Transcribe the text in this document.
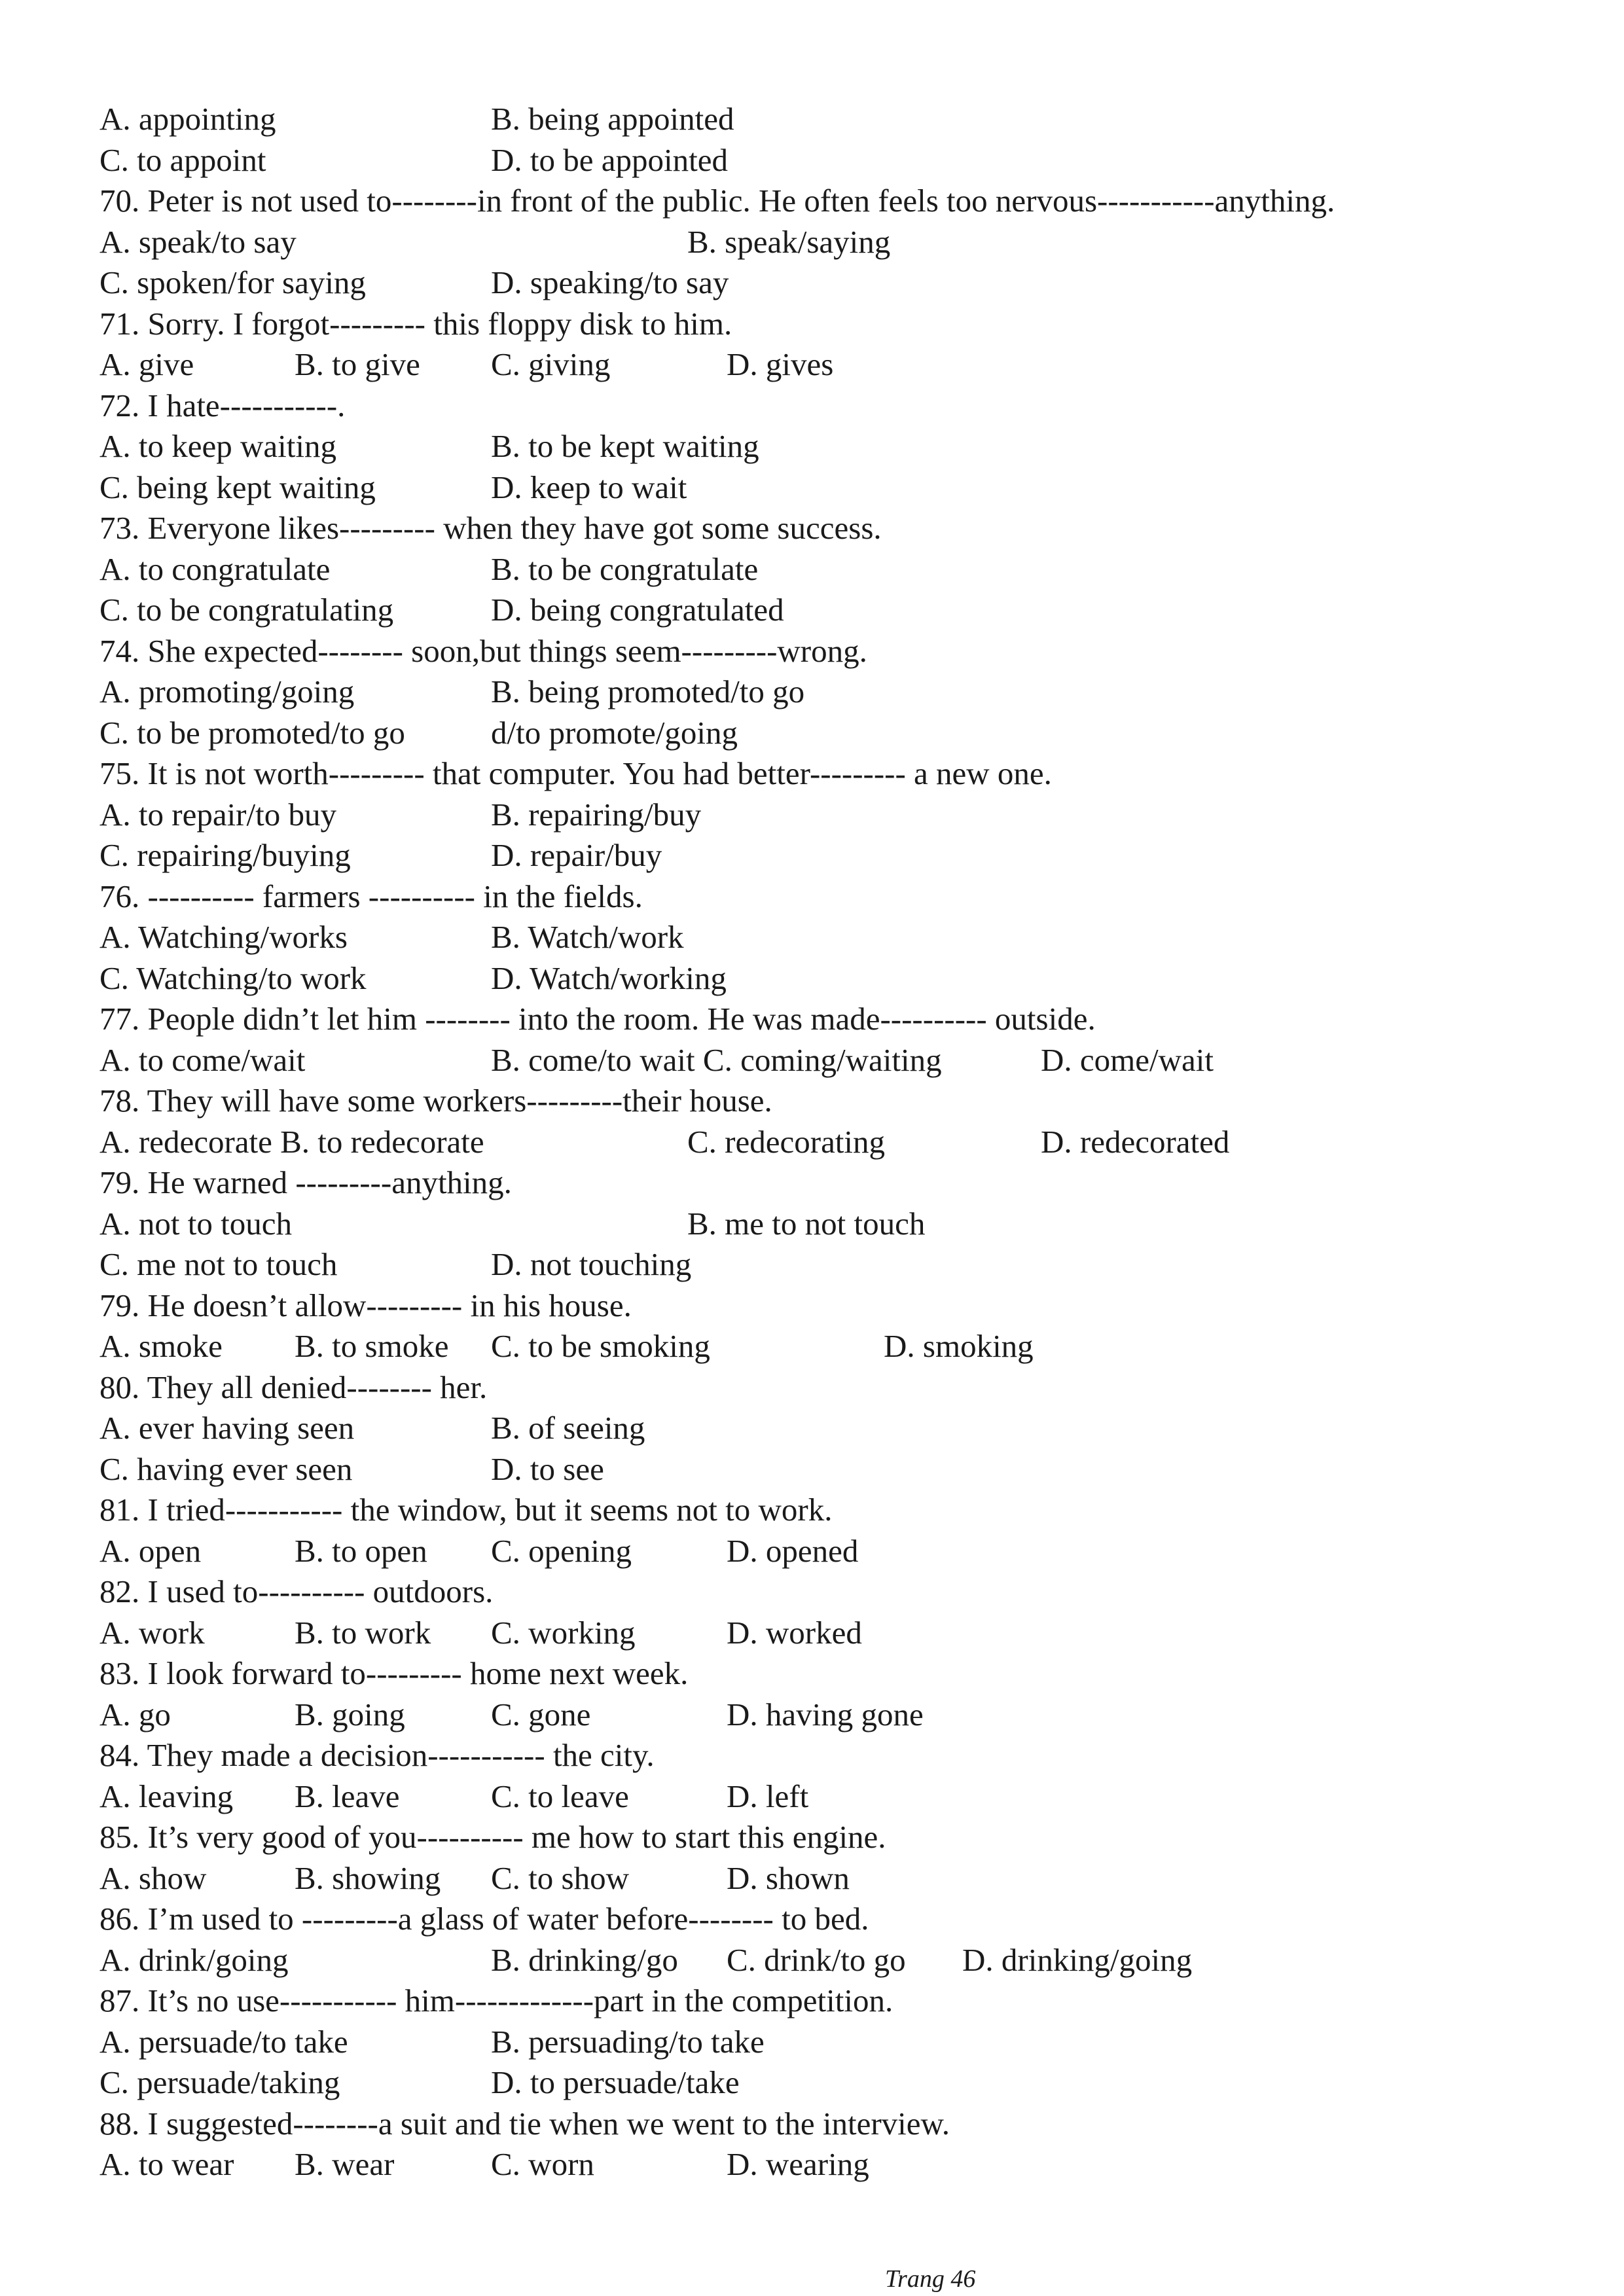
A. appointing	B. being appointed
C. to appoint	D. to be appointed
70. Peter is not used to--------in front of the public. He often feels too nervous-----------anything.
A. speak/to say	B. speak/saying
C. spoken/for saying	D. speaking/to say
71. Sorry. I forgot--------- this floppy disk to him.
A. give	B. to give C. giving	D. gives
72. I hate-----------.
A. to keep waiting	B. to be kept waiting
C. being kept waiting	D. keep to wait
73. Everyone likes--------- when they have got some success.
A. to congratulate	B. to be congratulate
C. to be congratulating	D. being congratulated
74. She expected-------- soon,but things seem---------wrong.
A. promoting/going	B. being promoted/to go
C. to be promoted/to go	d/to promote/going
75. It is not worth--------- that computer. You had better--------- a new one.
A. to repair/to buy	B. repairing/buy
C. repairing/buying	D. repair/buy
76. ---------- farmers ---------- in the fields.
A. Watching/works	B. Watch/work
C. Watching/to work	D. Watch/working
77. People didn’t let him -------- into the room. He was made---------- outside.
A. to come/wait	B. come/to wait C. coming/waiting	D. come/wait
78. They will have some workers---------their house.
A. redecorate B. to redecorate	C. redecorating	D. redecorated
79. He warned ---------anything.
A. not to touch	B. me to not touch
C. me not to touch	D. not touching
79. He doesn’t allow--------- in his house.
A. smoke B. to smoke C. to be smoking	D. smoking
80. They all denied-------- her.
A. ever having seen	B. of seeing
C. having ever seen	D. to see
81. I tried----------- the window, but it seems not to work.
A. open	B. to open C. opening	D. opened
82. I used to---------- outdoors.
A. work	B. to work C. working	D. worked
83. I look forward to--------- home next week.
A. go	B. going	C. gone	D. having gone
84. They made a decision----------- the city.
A. leaving B. leave	C. to leave	D. left
85. It’s very good of you---------- me how to start this engine.
A. show	B. showing C. to show	D. shown
86. I’m used to ---------a glass of water before-------- to bed.
A. drink/going	B. drinking/go C. drink/to go D. drinking/going
87. It’s no use----------- him-------------part in the competition.
A. persuade/to take	B. persuading/to take
C. persuade/taking	D. to persuade/take
88. I suggested--------a suit and tie when we went to the interview.
A. to wear B. wear	C. worn	D. wearing
Trang 46
